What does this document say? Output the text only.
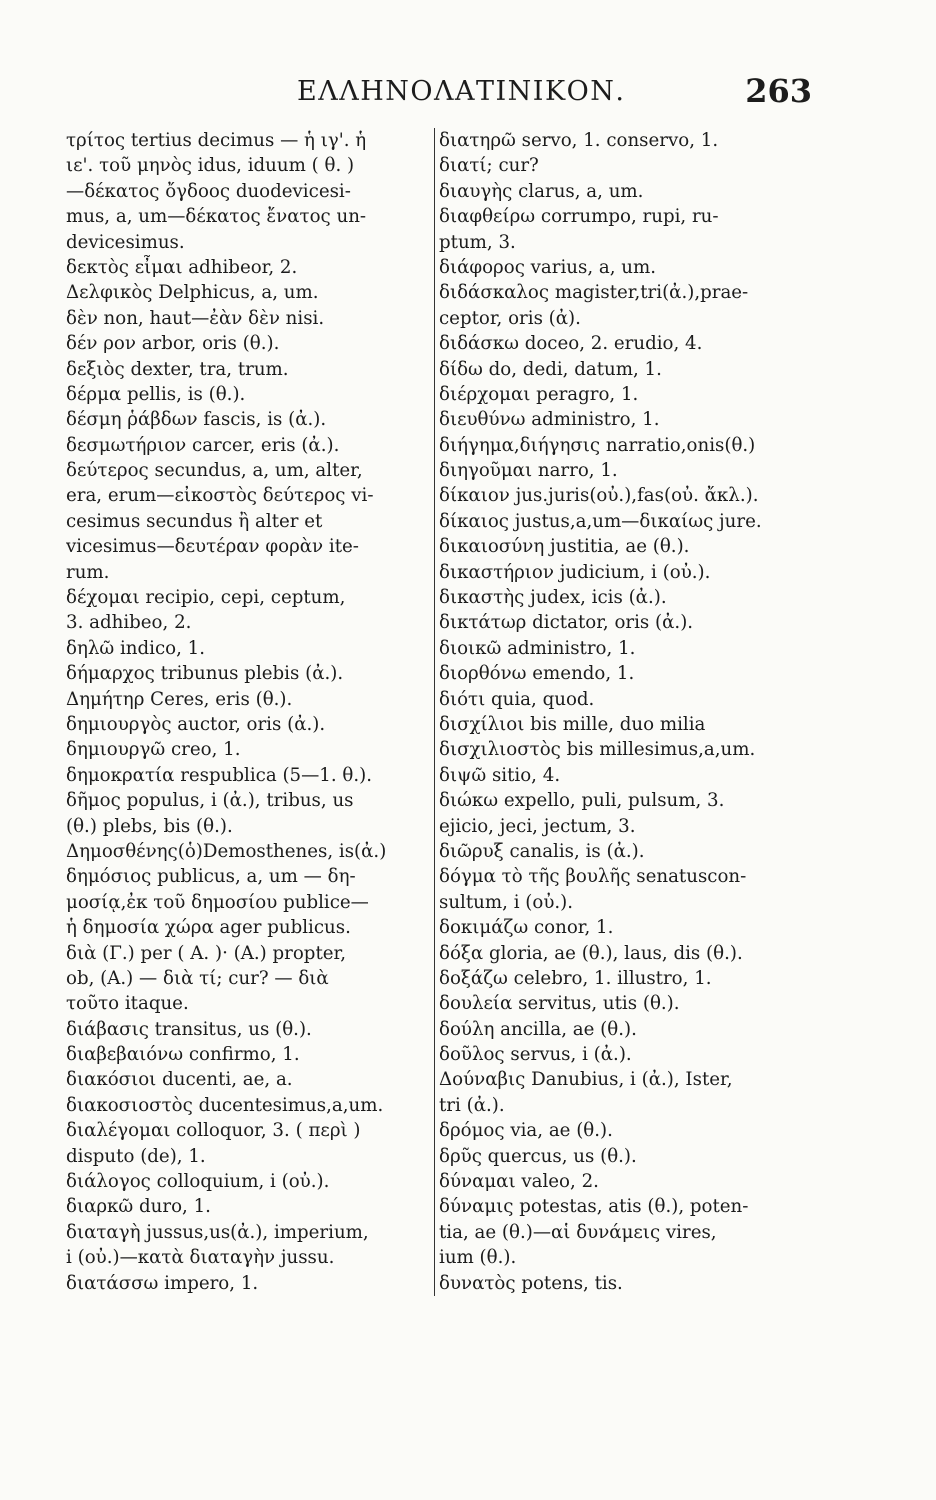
ΕΛΛΗΝΟΛΑΤΙΝΙΚΟΝ.	263
τρίτος tertius decimus — ἡ ιγ'. ἡ
ιε'. τοῦ μηνὸς idus, iduum ( θ. )
—δέκατος ὄγδοος duodevicesi-
mus, a, um—δέκατος ἔνατος un-
devicesimus.
δεκτὸς εἶμαι adhibeor, 2.
Δελφικὸς Delphicus, a, um.
δὲν non, haut—ἐὰν δὲν nisi.
δέν ρον arbor, oris (θ.).
δεξιὸς dexter, tra, trum.
δέρμα pellis, is (θ.).
δέσμη ῥάβδων fascis, is (ἀ.).
δεσμωτήριον carcer, eris (ἀ.).
δεύτερος secundus, a, um, alter,
era, erum—εἰκοστὸς δεύτερος vi-
cesimus secundus ἢ alter et
vicesimus—δευτέραν φορὰν ite-
rum.
δέχομαι recipio, cepi, ceptum,
3. adhibeo, 2.
δηλῶ indico, 1.
δήμαρχος tribunus plebis (ἀ.).
Δημήτηρ Ceres, eris (θ.).
δημιουργὸς auctor, oris (ἀ.).
δημιουργῶ creo, 1.
δημοκρατία respublica (5—1. θ.).
δῆμος populus, i (ἀ.), tribus, us
(θ.) plebs, bis (θ.).
Δημοσθένης(ὁ)Demosthenes, is(ἀ.)
δημόσιος publicus, a, um — δη-
μοσίᾳ,ἐκ τοῦ δημοσίου publice—
ἡ δημοσία χώρα ager publicus.
διὰ (Γ.) per ( Α. )· (Α.) propter,
ob, (Α.) — διὰ τί; cur? — διὰ
τοῦτο itaque.
διάβασις transitus, us (θ.).
διαβεβαιόνω confirmo, 1.
διακόσιοι ducenti, ae, a.
διακοσιοστὸς ducentesimus,a,um.
διαλέγομαι colloquor, 3. ( περὶ )
disputo (de), 1.
διάλογος colloquium, i (οὐ.).
διαρκῶ duro, 1.
διαταγὴ jussus,us(ἀ.), imperium,
i (οὐ.)—κατὰ διαταγὴν jussu.
διατάσσω impero, 1.
διατηρῶ servo, 1. conservo, 1.
διατί; cur?
διαυγὴς clarus, a, um.
διαφθείρω corrumpo, rupi, ru-
ptum, 3.
διάφορος varius, a, um.
διδάσκαλος magister,tri(ἀ.),prae-
ceptor, oris (ἀ).
διδάσκω doceo, 2. erudio, 4.
δίδω do, dedi, datum, 1.
διέρχομαι peragro, 1.
διευθύνω administro, 1.
διήγημα,διήγησις narratio,onis(θ.)
διηγοῦμαι narro, 1.
δίκαιον jus.juris(οὐ.),fas(οὐ. ἄκλ.).
δίκαιος justus,a,um—δικαίως jure.
δικαιοσύνη justitia, ae (θ.).
δικαστήριον judicium, i (οὐ.).
δικαστὴς judex, icis (ἀ.).
δικτάτωρ dictator, oris (ἀ.).
διοικῶ administro, 1.
διορθόνω emendo, 1.
διότι quia, quod.
δισχίλιοι bis mille, duo milia
δισχιλιοστὸς bis millesimus,a,um.
διψῶ sitio, 4.
διώκω expello, puli, pulsum, 3.
ejicio, jeci, jectum, 3.
διῶρυξ canalis, is (ἀ.).
δόγμα τὸ τῆς βουλῆς senatuscon-
sultum, i (οὐ.).
δοκιμάζω conor, 1.
δόξα gloria, ae (θ.), laus, dis (θ.).
δοξάζω celebro, 1. illustro, 1.
δουλεία servitus, utis (θ.).
δούλη ancilla, ae (θ.).
δοῦλος servus, i (ἀ.).
Δούναβις Danubius, i (ἀ.), Ister,
tri (ἀ.).
δρόμος via, ae (θ.).
δρῦς quercus, us (θ.).
δύναμαι valeo, 2.
δύναμις potestas, atis (θ.), poten-
tia, ae (θ.)—αἱ δυνάμεις vires,
ium (θ.).
δυνατὸς potens, tis.
